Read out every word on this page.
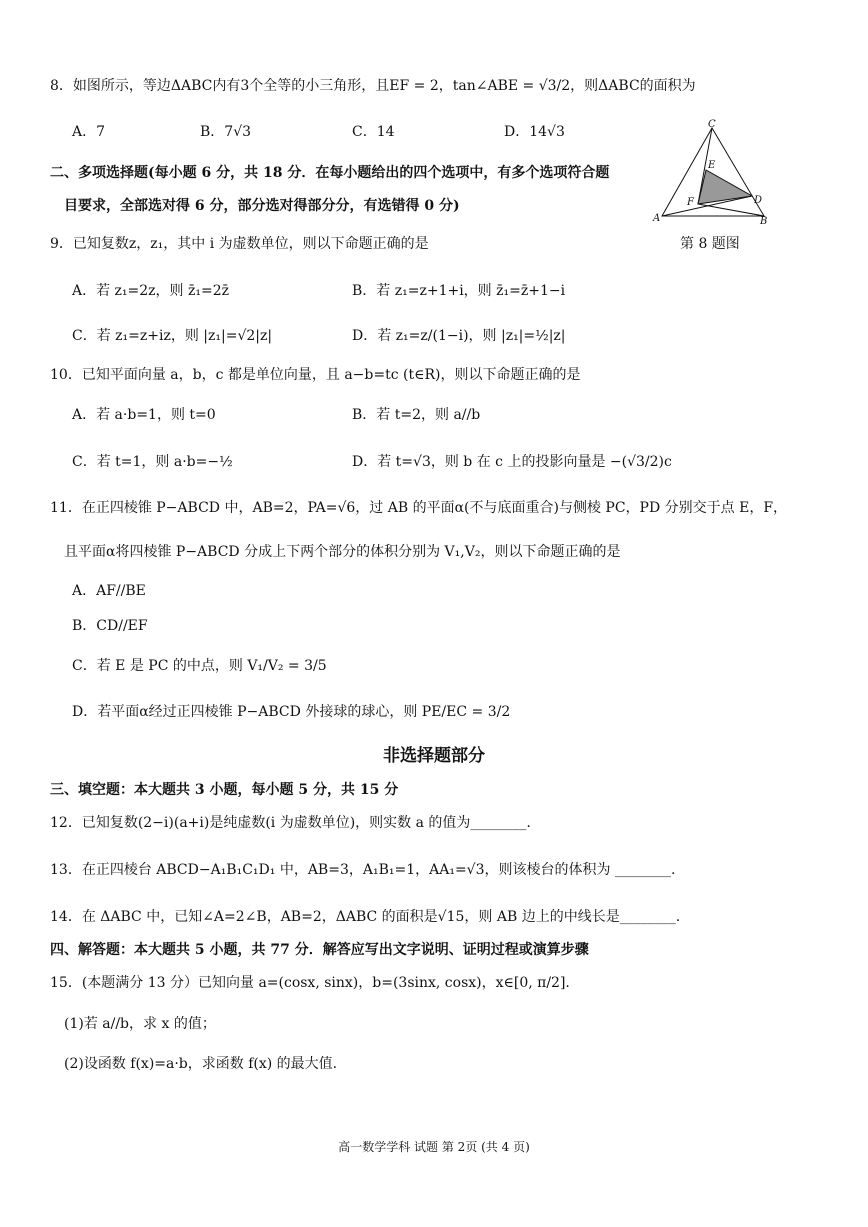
8．如图所示，等边ΔABC内有3个全等的小三角形，且EF = 2，tan∠ABE = √3/2，则ΔABC的面积为
A．7	B．7√3	C．14	D．14√3	C
A	B
E
F	D
第 8 题图
二、多项选择题(每小题 6 分，共 18 分．在每小题给出的四个选项中，有多个选项符合题
目要求，全部选对得 6 分，部分选对得部分分，有选错得 0 分)
9．已知复数z，z₁，其中 i 为虚数单位，则以下命题正确的是
A．若 z₁=2z，则 z̄₁=2z̄	B．若 z₁=z+1+i，则 z̄₁=z̄+1−i
C．若 z₁=z+iz，则 |z₁|=√2|z|	D．若 z₁=z/(1−i)，则 |z₁|=½|z|
10．已知平面向量 a，b，c 都是单位向量，且 a−b=tc (t∈R)，则以下命题正确的是
A．若 a·b=1，则 t=0	B．若 t=2，则 a//b
C．若 t=1，则 a·b=−½	D．若 t=√3，则 b 在 c 上的投影向量是 −(√3/2)c
11．在正四棱锥 P−ABCD 中，AB=2，PA=√6，过 AB 的平面α(不与底面重合)与侧棱 PC，PD 分别交于点 E，F，
且平面α将四棱锥 P−ABCD 分成上下两个部分的体积分别为 V₁,V₂，则以下命题正确的是
A．AF//BE
B．CD//EF
C．若 E 是 PC 的中点，则 V₁/V₂ = 3/5
D．若平面α经过正四棱锥 P−ABCD 外接球的球心，则 PE/EC = 3/2
非选择题部分
三、填空题：本大题共 3 小题，每小题 5 分，共 15 分
12．已知复数(2−i)(a+i)是纯虚数(i 为虚数单位)，则实数 a 的值为________.
13．在正四棱台 ABCD−A₁B₁C₁D₁ 中，AB=3，A₁B₁=1，AA₁=√3，则该棱台的体积为 ________.
14．在 ΔABC 中，已知∠A=2∠B，AB=2，ΔABC 的面积是√15，则 AB 边上的中线长是________.
四、解答题：本大题共 5 小题，共 77 分．解答应写出文字说明、证明过程或演算步骤
15．(本题满分 13 分）已知向量 a=(cosx, sinx)，b=(3sinx, cosx)，x∈[0, π/2].
(1)若 a//b，求 x 的值；
(2)设函数 f(x)=a·b，求函数 f(x) 的最大值.
高一数学学科 试题 第 2页 (共 4 页)
